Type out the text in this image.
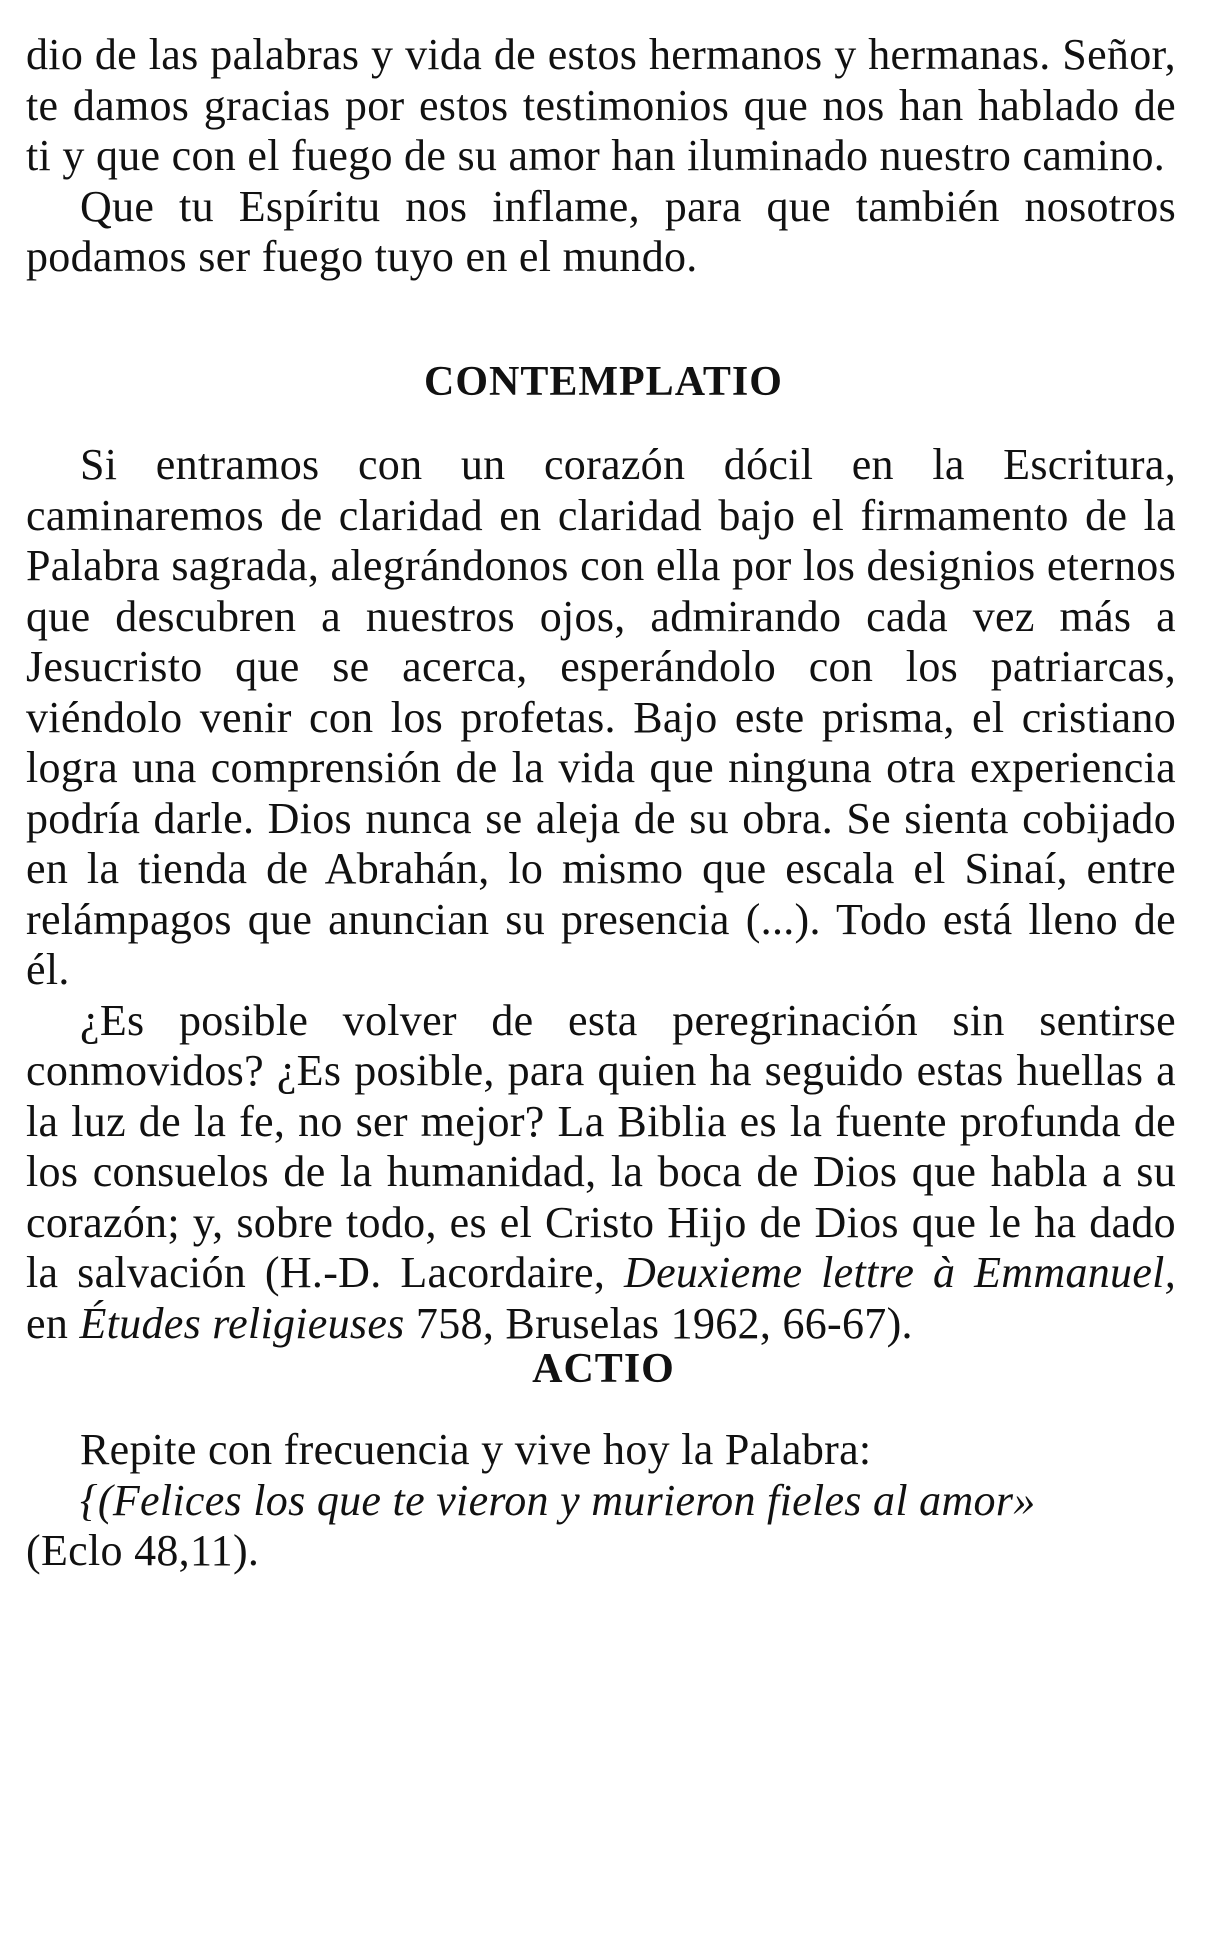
dio de las palabras y vida de estos hermanos y hermanas. Señor, te damos gracias por estos testimonios que nos han hablado de ti y que con el fuego de su amor han iluminado nuestro camino.

Que tu Espíritu nos inflame, para que también nosotros podamos ser fuego tuyo en el mundo.

CONTEMPLATIO

Si entramos con un corazón dócil en la Escritura, caminaremos de claridad en claridad bajo el firmamento de la Palabra sagrada, alegrándonos con ella por los designios eternos que descubren a nuestros ojos, admirando cada vez más a Jesucristo que se acerca, esperándolo con los patriarcas, viéndolo venir con los profetas. Bajo este prisma, el cristiano logra una comprensión de la vida que ninguna otra experiencia podría darle. Dios nunca se aleja de su obra. Se sienta cobijado en la tienda de Abrahán, lo mismo que escala el Sinaí, entre relámpagos que anuncian su presencia (...). Todo está lleno de él.

¿Es posible volver de esta peregrinación sin sentirse conmovidos? ¿Es posible, para quien ha seguido estas huellas a la luz de la fe, no ser mejor? La Biblia es la fuente profunda de los consuelos de la humanidad, la boca de Dios que habla a su corazón; y, sobre todo, es el Cristo Hijo de Dios que le ha dado la salvación (H.-D. Lacordaire, Deuxieme lettre à Emmanuel, en Études religieuses 758, Bruselas 1962, 66-67).

ACTIO

Repite con frecuencia y vive hoy la Palabra:

{(Felices los que te vieron y murieron fieles al amor»

(Eclo 48,11).
